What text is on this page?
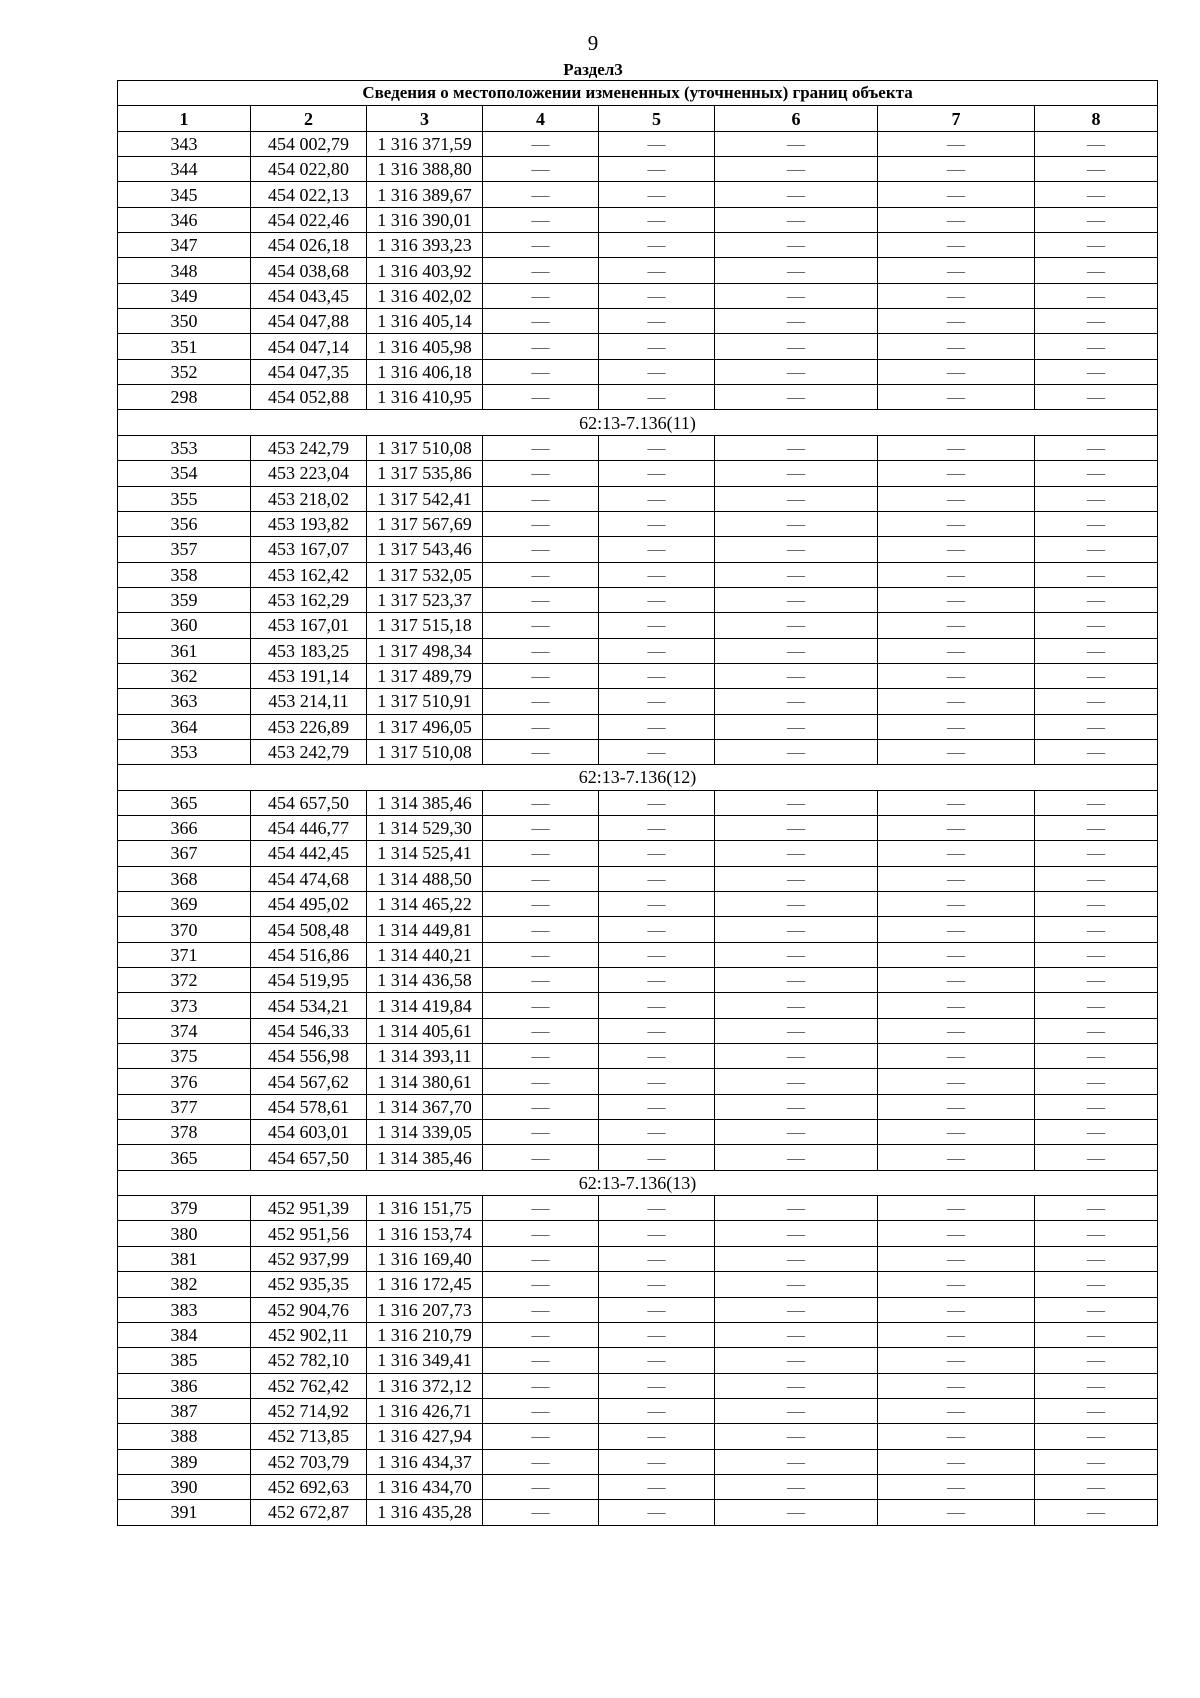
9
Раздел3
Сведения о местоположении измененных (уточненных) границ объекта							
1	2	3	4	5	6	7	8
343	454 002,79	1 316 371,59	—	—	—	—	—
344	454 022,80	1 316 388,80	—	—	—	—	—
345	454 022,13	1 316 389,67	—	—	—	—	—
346	454 022,46	1 316 390,01	—	—	—	—	—
347	454 026,18	1 316 393,23	—	—	—	—	—
348	454 038,68	1 316 403,92	—	—	—	—	—
349	454 043,45	1 316 402,02	—	—	—	—	—
350	454 047,88	1 316 405,14	—	—	—	—	—
351	454 047,14	1 316 405,98	—	—	—	—	—
352	454 047,35	1 316 406,18	—	—	—	—	—
298	454 052,88	1 316 410,95	—	—	—	—	—
62:13-7.136(11)							
353	453 242,79	1 317 510,08	—	—	—	—	—
354	453 223,04	1 317 535,86	—	—	—	—	—
355	453 218,02	1 317 542,41	—	—	—	—	—
356	453 193,82	1 317 567,69	—	—	—	—	—
357	453 167,07	1 317 543,46	—	—	—	—	—
358	453 162,42	1 317 532,05	—	—	—	—	—
359	453 162,29	1 317 523,37	—	—	—	—	—
360	453 167,01	1 317 515,18	—	—	—	—	—
361	453 183,25	1 317 498,34	—	—	—	—	—
362	453 191,14	1 317 489,79	—	—	—	—	—
363	453 214,11	1 317 510,91	—	—	—	—	—
364	453 226,89	1 317 496,05	—	—	—	—	—
353	453 242,79	1 317 510,08	—	—	—	—	—
62:13-7.136(12)							
365	454 657,50	1 314 385,46	—	—	—	—	—
366	454 446,77	1 314 529,30	—	—	—	—	—
367	454 442,45	1 314 525,41	—	—	—	—	—
368	454 474,68	1 314 488,50	—	—	—	—	—
369	454 495,02	1 314 465,22	—	—	—	—	—
370	454 508,48	1 314 449,81	—	—	—	—	—
371	454 516,86	1 314 440,21	—	—	—	—	—
372	454 519,95	1 314 436,58	—	—	—	—	—
373	454 534,21	1 314 419,84	—	—	—	—	—
374	454 546,33	1 314 405,61	—	—	—	—	—
375	454 556,98	1 314 393,11	—	—	—	—	—
376	454 567,62	1 314 380,61	—	—	—	—	—
377	454 578,61	1 314 367,70	—	—	—	—	—
378	454 603,01	1 314 339,05	—	—	—	—	—
365	454 657,50	1 314 385,46	—	—	—	—	—
62:13-7.136(13)							
379	452 951,39	1 316 151,75	—	—	—	—	—
380	452 951,56	1 316 153,74	—	—	—	—	—
381	452 937,99	1 316 169,40	—	—	—	—	—
382	452 935,35	1 316 172,45	—	—	—	—	—
383	452 904,76	1 316 207,73	—	—	—	—	—
384	452 902,11	1 316 210,79	—	—	—	—	—
385	452 782,10	1 316 349,41	—	—	—	—	—
386	452 762,42	1 316 372,12	—	—	—	—	—
387	452 714,92	1 316 426,71	—	—	—	—	—
388	452 713,85	1 316 427,94	—	—	—	—	—
389	452 703,79	1 316 434,37	—	—	—	—	—
390	452 692,63	1 316 434,70	—	—	—	—	—
391	452 672,87	1 316 435,28	—	—	—	—	—
